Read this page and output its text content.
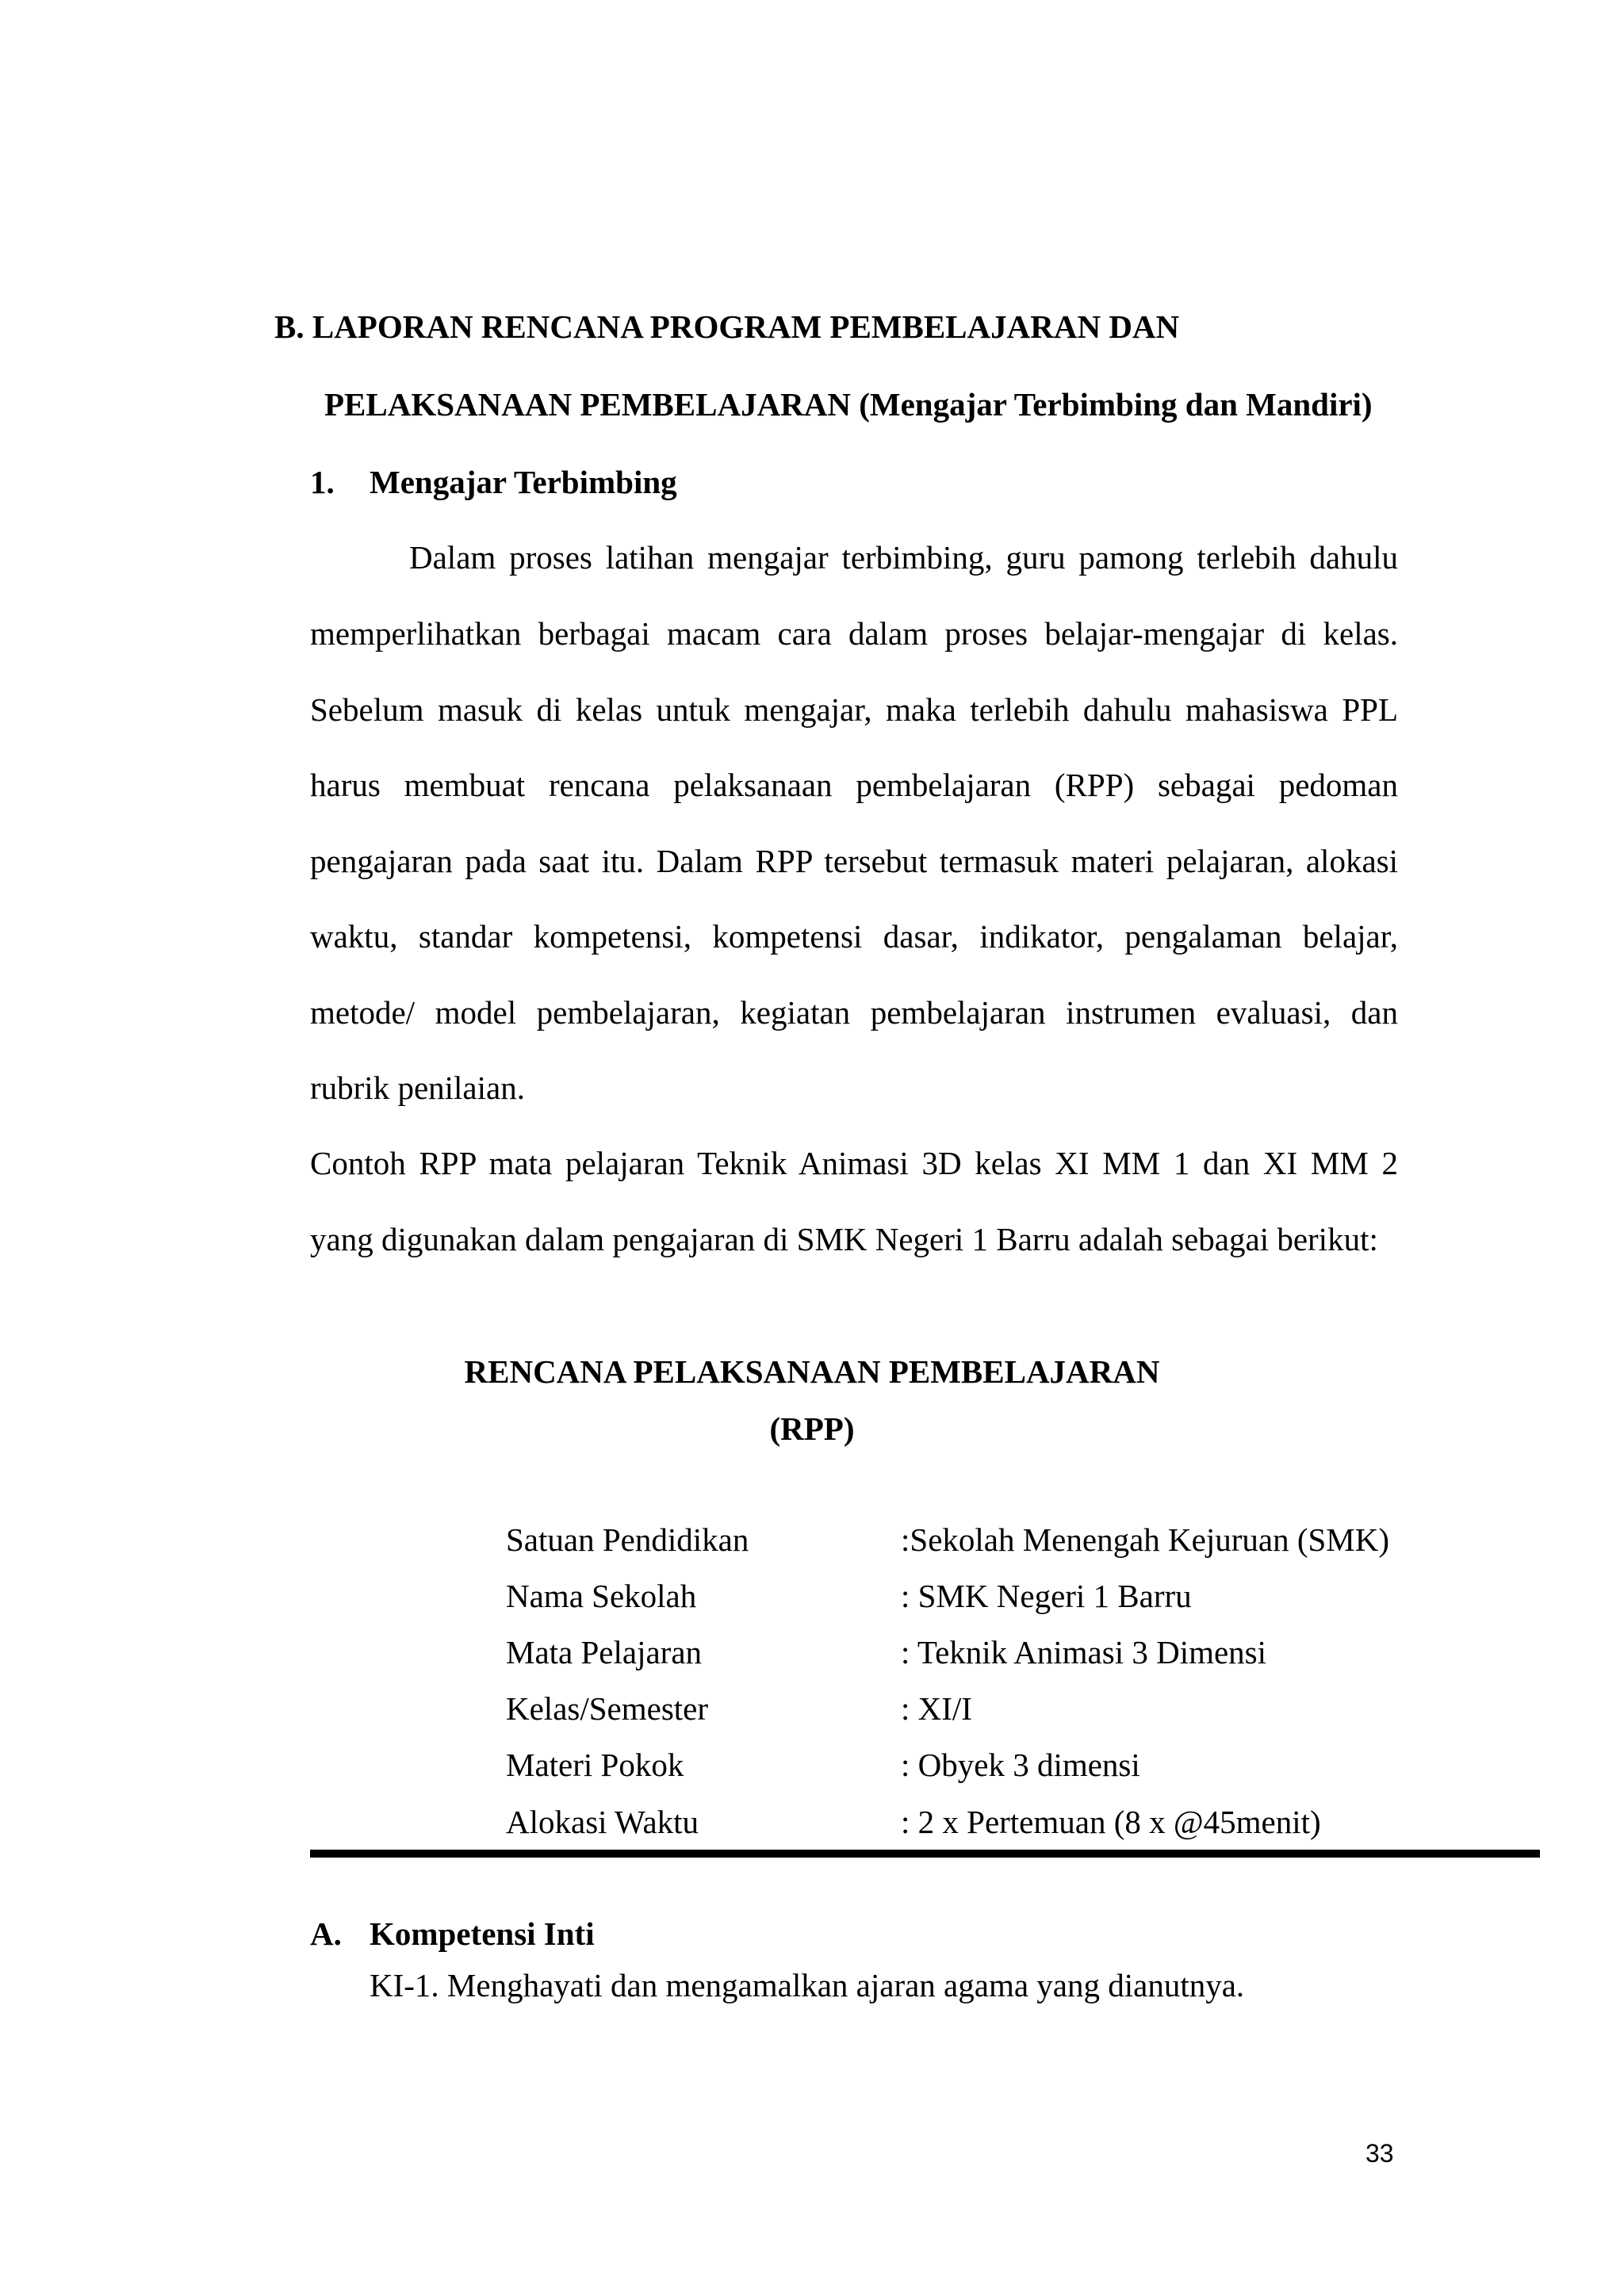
B. LAPORAN RENCANA PROGRAM PEMBELAJARAN DAN
PELAKSANAAN PEMBELAJARAN (Mengajar Terbimbing dan Mandiri)
1. Mengajar Terbimbing
Dalam proses latihan mengajar terbimbing, guru pamong terlebih dahulu
memperlihatkan berbagai macam cara dalam proses belajar-mengajar di kelas.
Sebelum masuk di kelas untuk mengajar, maka terlebih dahulu mahasiswa PPL
harus membuat rencana pelaksanaan pembelajaran (RPP) sebagai pedoman
pengajaran pada saat itu. Dalam RPP tersebut termasuk materi pelajaran, alokasi
waktu, standar kompetensi, kompetensi dasar, indikator, pengalaman belajar,
metode/ model pembelajaran, kegiatan pembelajaran instrumen evaluasi, dan
rubrik penilaian.
Contoh RPP mata pelajaran Teknik Animasi 3D kelas XI MM 1 dan XI MM 2
yang digunakan dalam pengajaran di SMK Negeri 1 Barru adalah sebagai berikut:
RENCANA PELAKSANAAN PEMBELAJARAN
(RPP)
Satuan Pendidikan	:Sekolah Menengah Kejuruan (SMK)
Nama Sekolah	: SMK Negeri 1 Barru
Mata Pelajaran	: Teknik Animasi 3 Dimensi
Kelas/Semester	: XI/I
Materi Pokok	: Obyek 3 dimensi
Alokasi Waktu	: 2 x Pertemuan (8 x @45menit)
A. Kompetensi Inti
KI-1. Menghayati dan mengamalkan ajaran agama yang dianutnya.
33
